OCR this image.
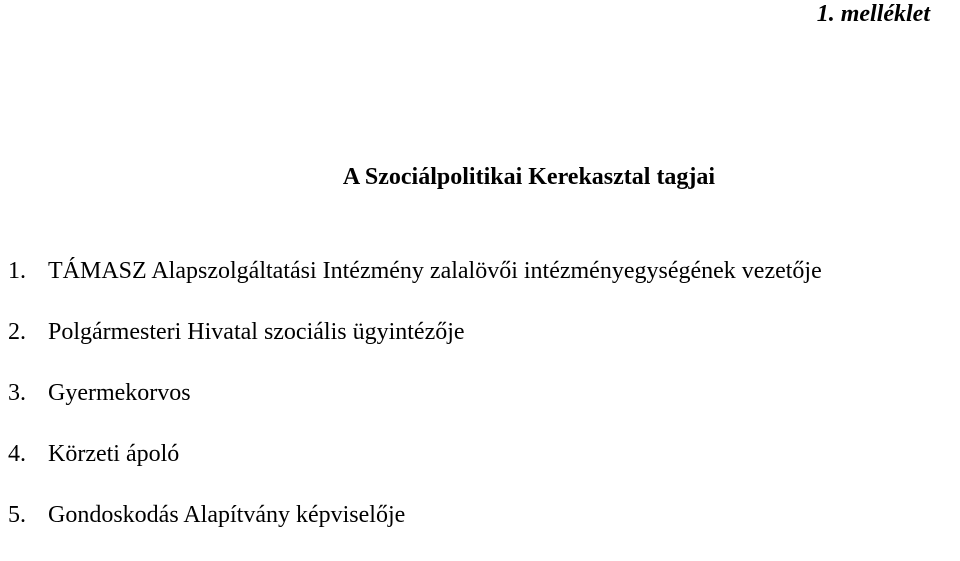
1. melléklet
A Szociálpolitikai Kerekasztal tagjai
1. TÁMASZ Alapszolgáltatási Intézmény zalalövői intézményegységének vezetője
2. Polgármesteri Hivatal szociális ügyintézője
3. Gyermekorvos
4. Körzeti ápoló
5. Gondoskodás Alapítvány képviselője
